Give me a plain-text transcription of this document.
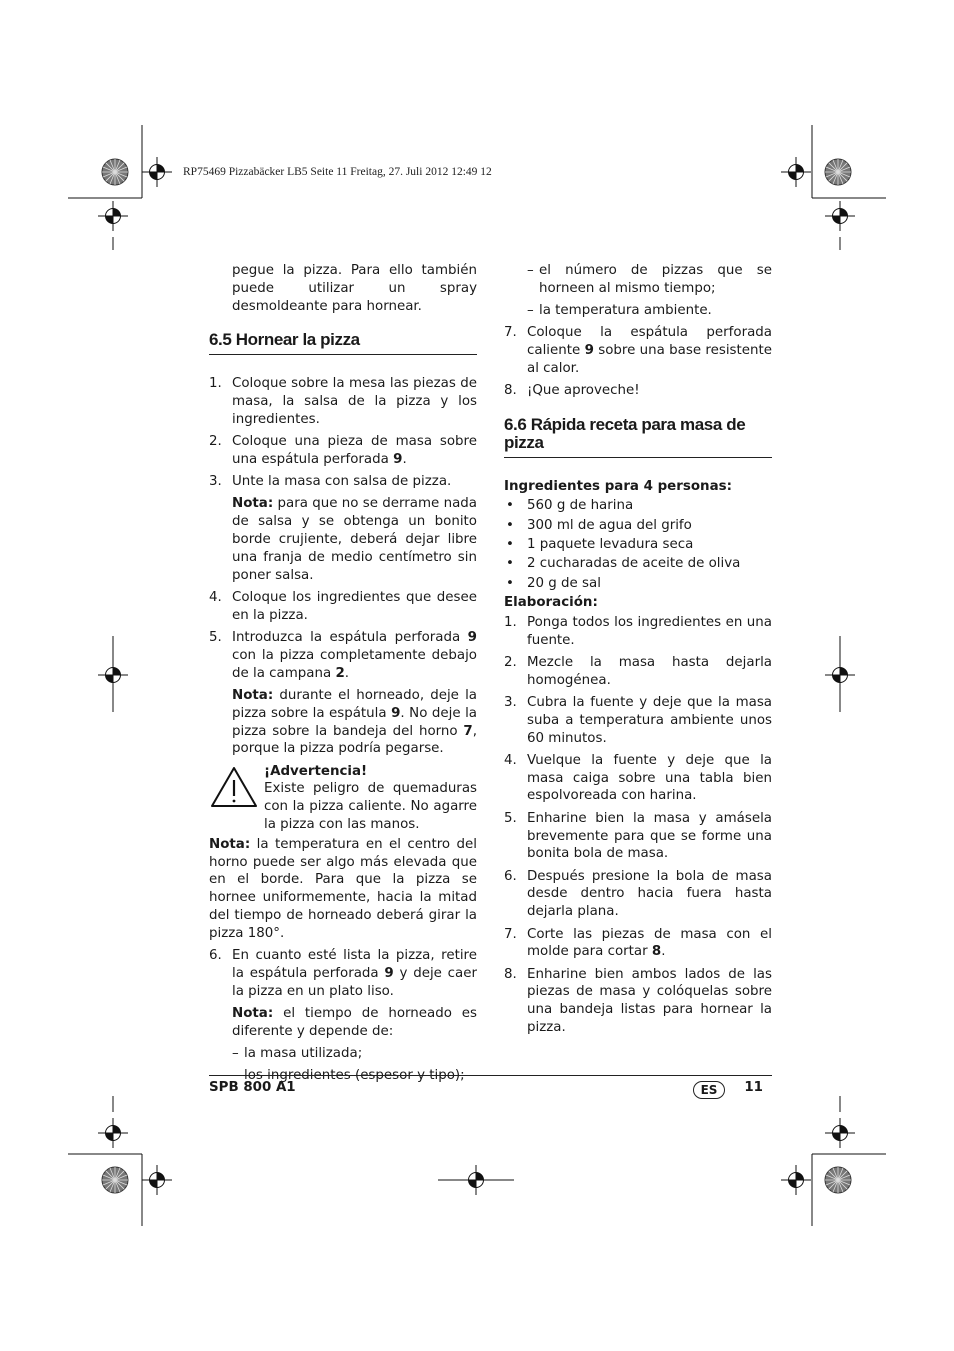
RP75469 Pizzabäcker LB5 Seite 11 Freitag, 27. Juli 2012 12:49 12

pegue la pizza. Para ello también puede utilizar un spray desmoldeante para hornear.

6.5 Hornear la pizza
1. Coloque sobre la mesa las piezas de masa, la salsa de la pizza y los ingredientes.
2. Coloque una pieza de masa sobre una espátula perforada 9.
3. Unte la masa con salsa de pizza.

Nota: para que no se derrame nada de salsa y se obtenga un bonito borde crujiente, deberá dejar libre una franja de medio centímetro sin poner salsa.

4. Coloque los ingredientes que desee en la pizza.
5. Introduzca la espátula perforada 9 con la pizza completamente debajo de la campana 2.

Nota: durante el horneado, deje la pizza sobre la espátula 9. No deje la pizza sobre la bandeja del horno 7, porque la pizza podría pegarse.

¡Advertencia!
Existe peligro de quemaduras con la pizza caliente. No agarre la pizza con las manos.

Nota: la temperatura en el centro del horno puede ser algo más elevada que en el borde. Para que la pizza se hornee uniformemente, hacia la mitad del tiempo de horneado deberá girar la pizza 180°.

6. En cuanto esté lista la pizza, retire la espátula perforada 9 y deje caer la pizza en un plato liso.

Nota: el tiempo de horneado es diferente y depende de:

– la masa utilizada;
– los ingredientes (espesor y tipo);
– el número de pizzas que se horneen al mismo tiempo;
– la temperatura ambiente.
7. Coloque la espátula perforada caliente 9 sobre una base resistente al calor.
8. ¡Que aproveche!
6.6 Rápida receta para masa de pizza
Ingredientes para 4 personas:
• 560 g de harina
• 300 ml de agua del grifo
• 1 paquete levadura seca
• 2 cucharadas de aceite de oliva
• 20 g de sal
Elaboración:
1. Ponga todos los ingredientes en una fuente.
2. Mezcle la masa hasta dejarla homogénea.
3. Cubra la fuente y deje que la masa suba a temperatura ambiente unos 60 minutos.
4. Vuelque la fuente y deje que la masa caiga sobre una tabla bien espolvoreada con harina.
5. Enharine bien la masa y amásela brevemente para que se forme una bonita bola de masa.
6. Después presione la bola de masa desde dentro hacia fuera hasta dejarla plana.
7. Corte las piezas de masa con el molde para cortar 8.
8. Enharine bien ambos lados de las piezas de masa y colóquelas sobre una bandeja listas para hornear la pizza.
SPB 800 A1	ES	11
